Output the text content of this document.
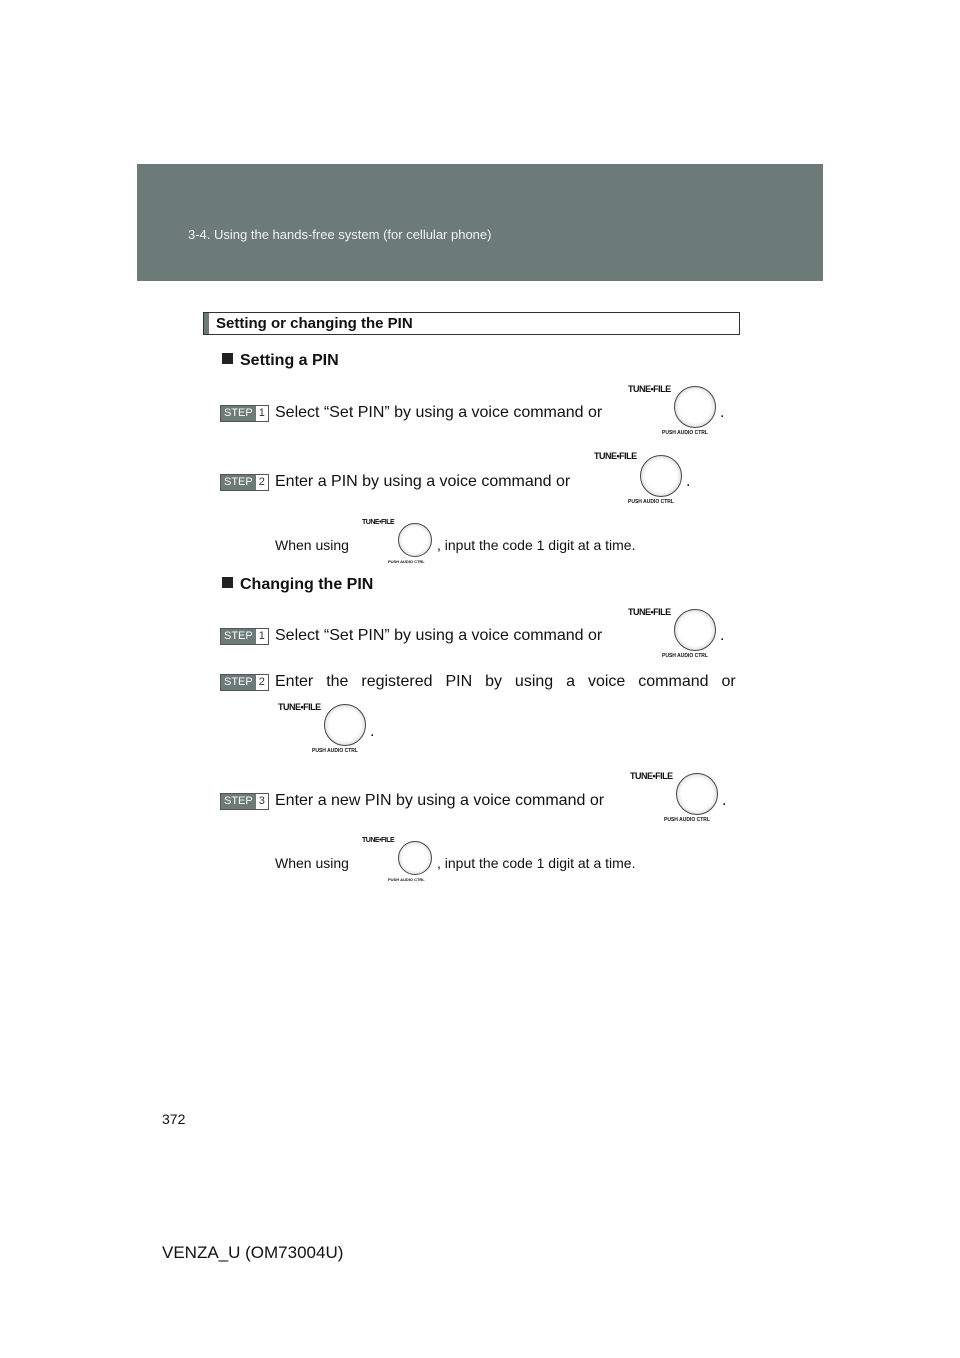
3-4. Using the hands-free system (for cellular phone)
Setting or changing the PIN
Setting a PIN
STEP 1 Select “Set PIN” by using a voice command or
TUNE•FILE
PUSH AUDIO CTRL
.
STEP 2 Enter a PIN by using a voice command or
TUNE•FILE
PUSH AUDIO CTRL
.
When using
TUNE•FILE
PUSH AUDIO CTRL
, input the code 1 digit at a time.
Changing the PIN
STEP 1 Select “Set PIN” by using a voice command or
TUNE•FILE
PUSH AUDIO CTRL
.
STEP 2 Enter the registered PIN by using a voice command or
TUNE•FILE
PUSH AUDIO CTRL
.
STEP 3 Enter a new PIN by using a voice command or
TUNE•FILE
PUSH AUDIO CTRL
.
When using
TUNE•FILE
PUSH AUDIO CTRL
, input the code 1 digit at a time.
372
VENZA_U (OM73004U)
